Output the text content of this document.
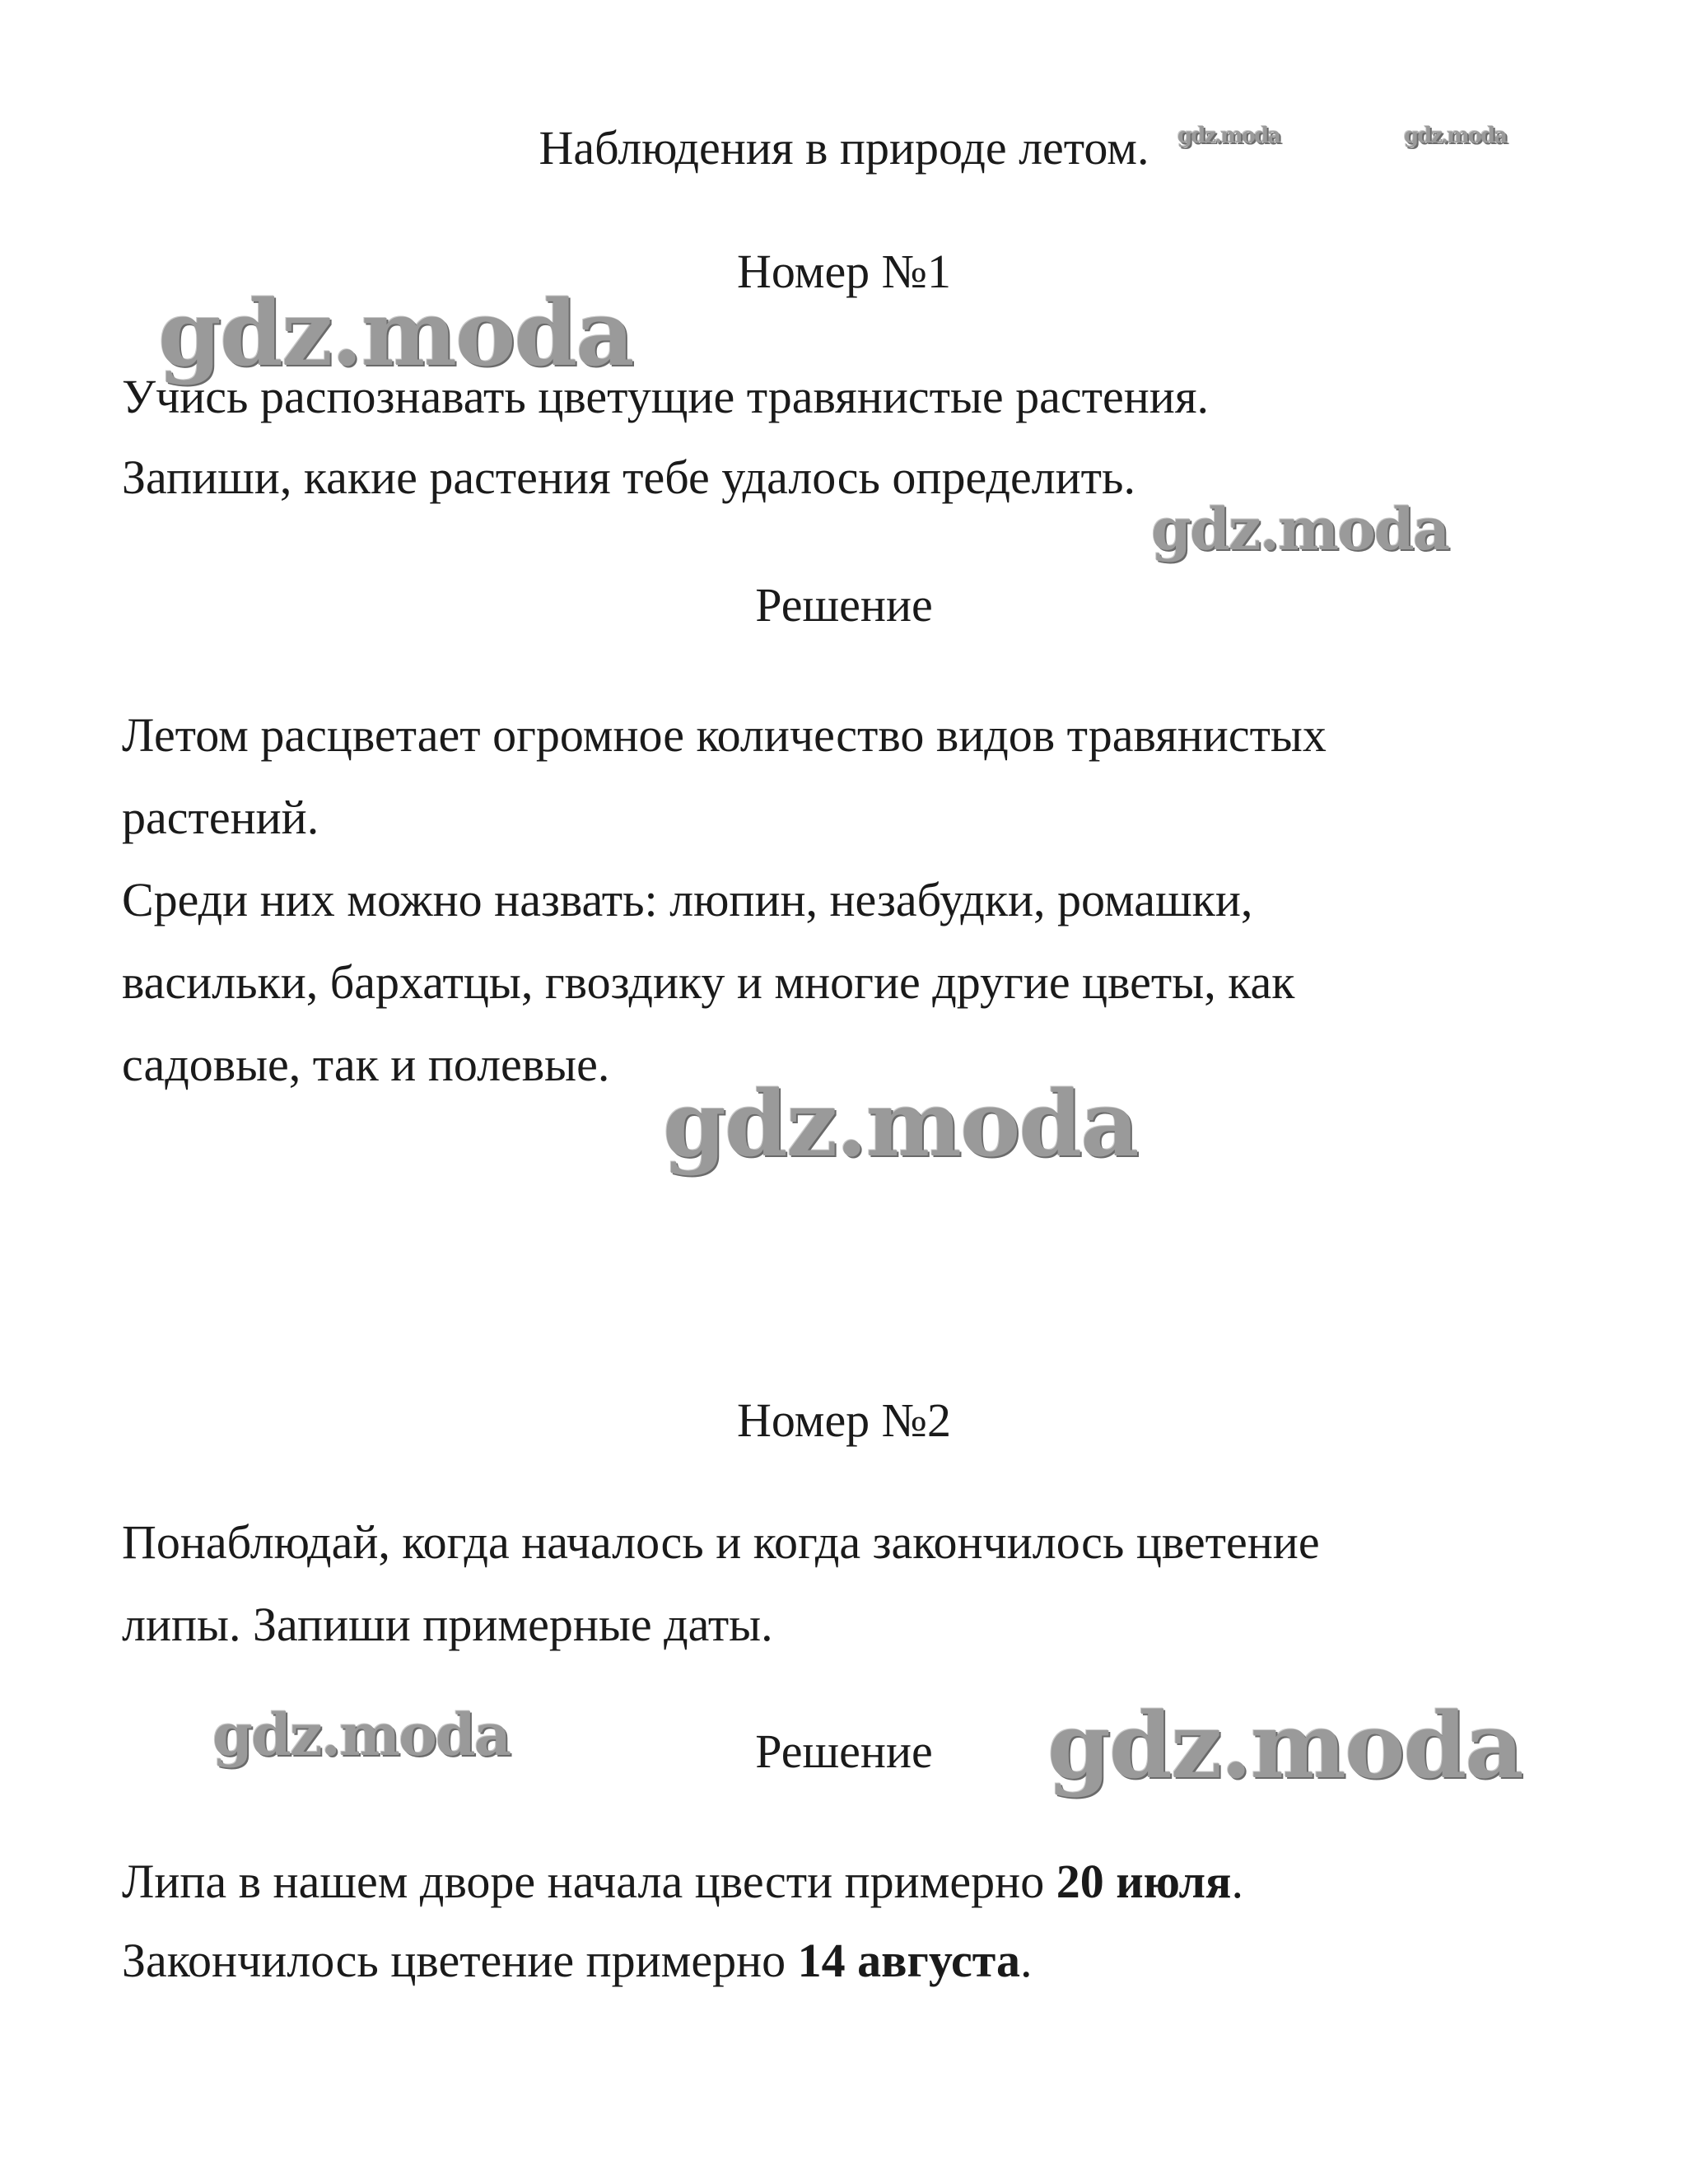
gdz.moda	gdz.moda
gdz.moda
gdz.moda
gdz.moda
gdz.moda	gdz.moda
Наблюдения в природе летом.
Номер №1
Учись распознавать цветущие травянистые растения.
Запиши, какие растения тебе удалось определить.
Решение
Летом расцветает огромное количество видов травянистых
растений.
Среди них можно назвать: люпин, незабудки, ромашки,
васильки, бархатцы, гвоздику и многие другие цветы, как
садовые, так и полевые.
Номер №2
Понаблюдай, когда началось и когда закончилось цветение
липы. Запиши примерные даты.
Решение
Липа в нашем дворе начала цвести примерно 20 июля.
Закончилось цветение примерно 14 августа.
